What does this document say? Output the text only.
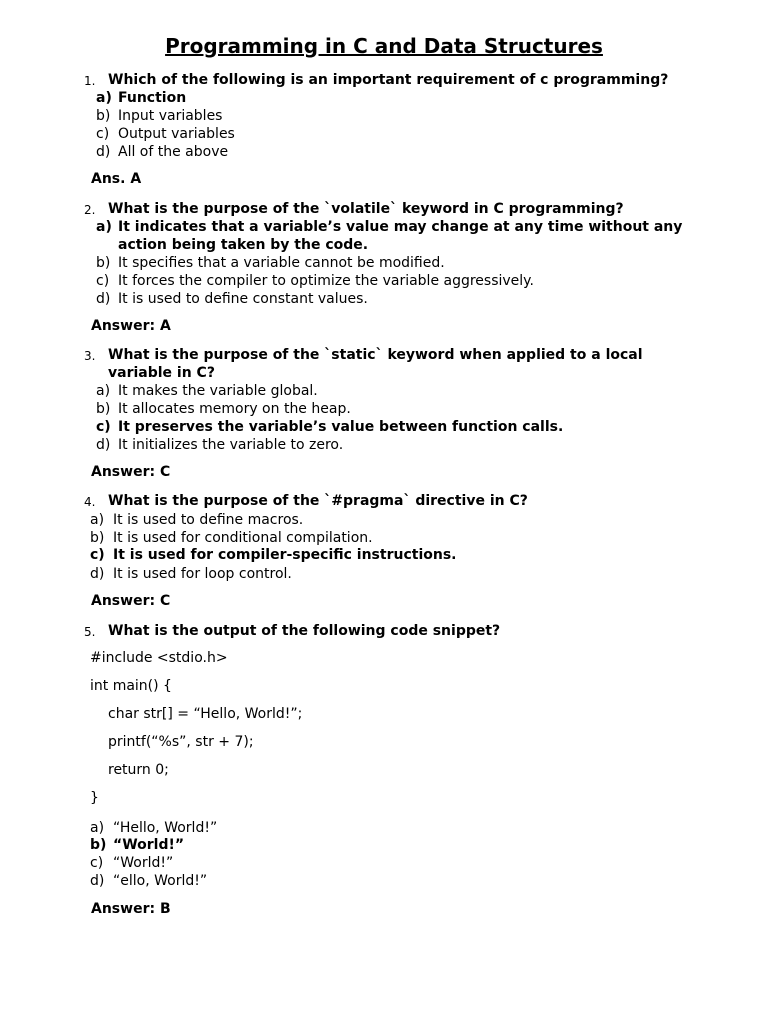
Programming in C and Data Structures
1. Which of the following is an important requirement of c programming?
a) Function
b) Input variables
c) Output variables
d) All of the above
Ans. A
2. What is the purpose of the `volatile` keyword in C programming?
a) It indicates that a variable’s value may change at any time without any
action being taken by the code.
b) It specifies that a variable cannot be modified.
c) It forces the compiler to optimize the variable aggressively.
d) It is used to define constant values.
Answer: A
3. What is the purpose of the `static` keyword when applied to a local
variable in C?
a) It makes the variable global.
b) It allocates memory on the heap.
c) It preserves the variable’s value between function calls.
d) It initializes the variable to zero.
Answer: C
4. What is the purpose of the `#pragma` directive in C?
a) It is used to define macros.
b) It is used for conditional compilation.
c) It is used for compiler-specific instructions.
d) It is used for loop control.
Answer: C
5. What is the output of the following code snippet?
#include <stdio.h>
int main() {
char str[] = “Hello, World!”;
printf(“%s”, str + 7);
return 0;
}
a) “Hello, World!”
b) “World!”
c) “World!”
d) “ello, World!”
Answer: B
